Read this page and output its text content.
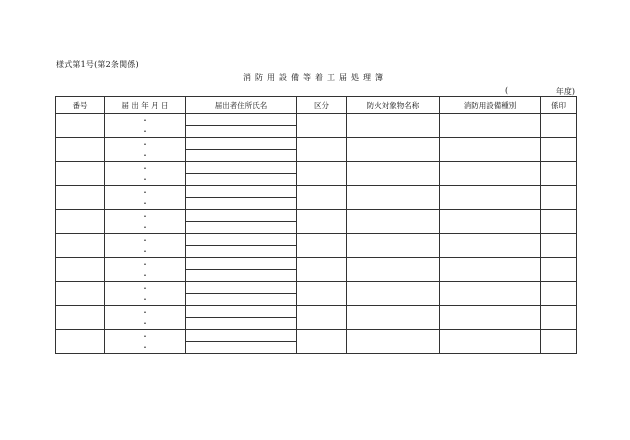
様式第1号(第2条関係)
消防用設備等着工届処理簿
(	年度)
番号	届 出 年 月 日	届出者住所氏名	区分	防火対象物名称	消防用設備種別	係印
	・ ・					

	・ ・					

	・ ・					

	・ ・					

	・ ・					

	・ ・					

	・ ・					

	・ ・					

	・ ・					

	・ ・					
